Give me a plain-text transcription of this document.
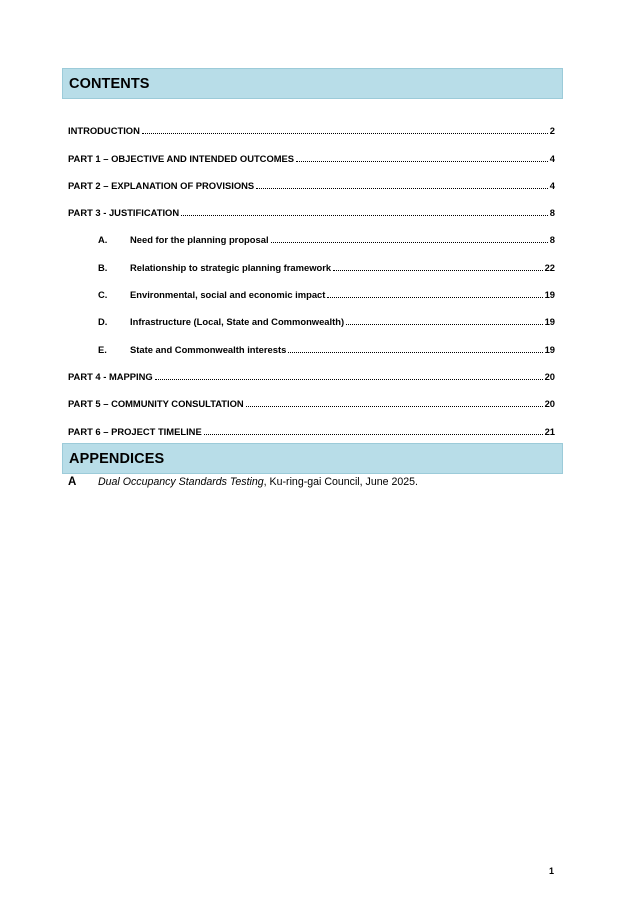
CONTENTS
INTRODUCTION	2
PART 1 – OBJECTIVE AND INTENDED OUTCOMES	4
PART 2 – EXPLANATION OF PROVISIONS	4
PART 3 - JUSTIFICATION	8
A.	Need for the planning proposal	8
B.	Relationship to strategic planning framework	22
C.	Environmental, social and economic impact	19
D.	Infrastructure (Local, State and Commonwealth)	19
E.	State and Commonwealth interests	19
PART 4 - MAPPING	20
PART 5 – COMMUNITY CONSULTATION	20
PART 6 – PROJECT TIMELINE	21
APPENDICES
A	Dual Occupancy Standards Testing, Ku-ring-gai Council, June 2025.
1
